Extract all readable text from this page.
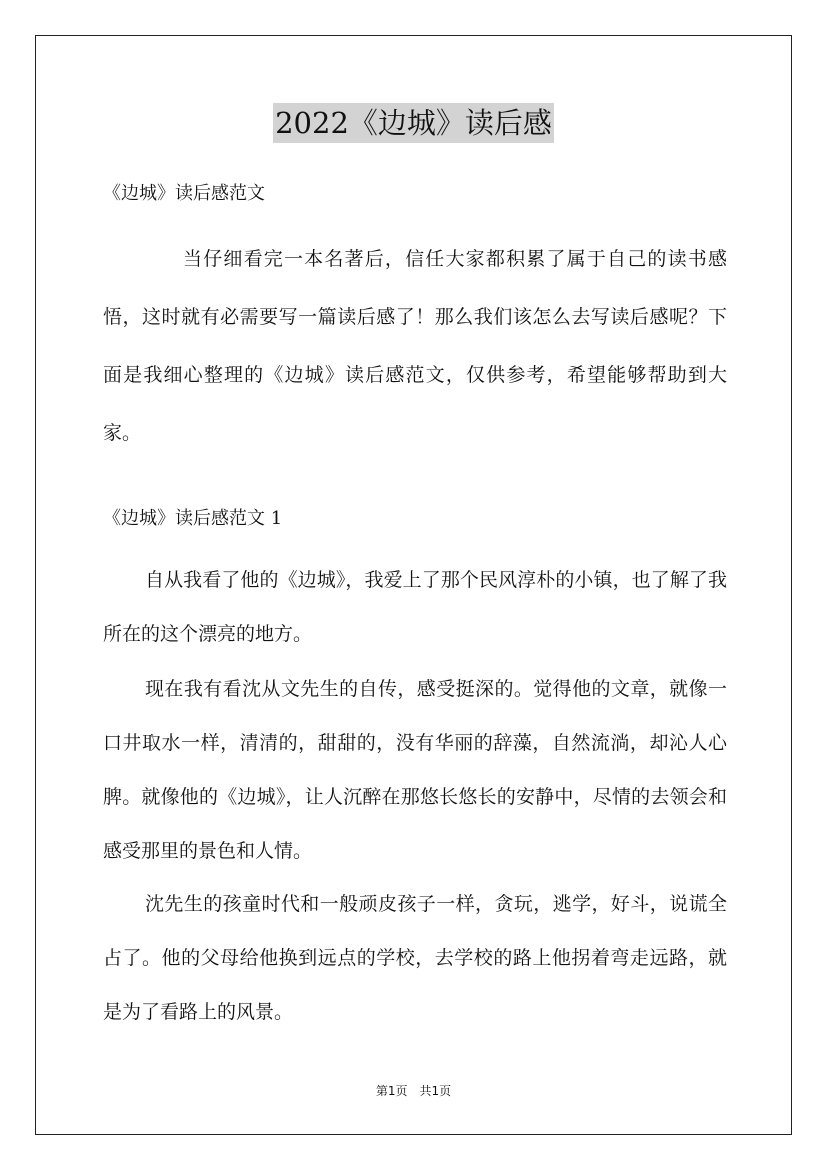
2022《边城》读后感
《边城》读后感范文
当仔细看完一本名著后，信任大家都积累了属于自己的读书感悟，这时就有必需要写一篇读后感了！那么我们该怎么去写读后感呢？下面是我细心整理的《边城》读后感范文，仅供参考，希望能够帮助到大家。
《边城》读后感范文 1
自从我看了他的《边城》，我爱上了那个民风淳朴的小镇，也了解了我所在的这个漂亮的地方。
现在我有看沈从文先生的自传，感受挺深的。觉得他的文章，就像一口井取水一样，清清的，甜甜的，没有华丽的辞藻，自然流淌，却沁人心脾。就像他的《边城》，让人沉醉在那悠长悠长的安静中，尽情的去领会和感受那里的景色和人情。
沈先生的孩童时代和一般顽皮孩子一样，贪玩，逃学，好斗，说谎全占了。他的父母给他换到远点的学校，去学校的路上他拐着弯走远路，就是为了看路上的风景。
第1页 共1页
